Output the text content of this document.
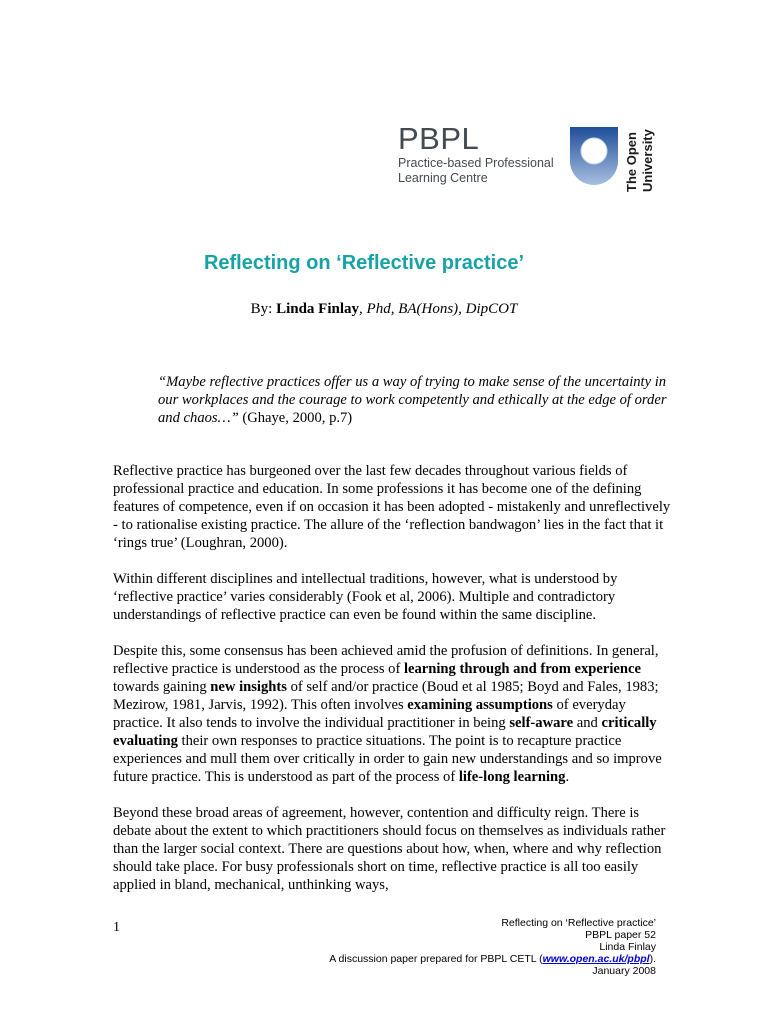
PBPL
Practice-based Professional
Learning Centre	The Open University
Reflecting on ‘Reflective practice’
By: Linda Finlay, Phd, BA(Hons), DipCOT
“Maybe reflective practices offer us a way of trying to make sense of the uncertainty in our workplaces and the courage to work competently and ethically at the edge of order and chaos…” (Ghaye, 2000, p.7)

Reflective practice has burgeoned over the last few decades throughout various fields of professional practice and education. In some professions it has become one of the defining features of competence, even if on occasion it has been adopted - mistakenly and unreflectively - to rationalise existing practice. The allure of the ‘reflection bandwagon’ lies in the fact that it ‘rings true’ (Loughran, 2000).

Within different disciplines and intellectual traditions, however, what is understood by ‘reflective practice’ varies considerably (Fook et al, 2006). Multiple and contradictory understandings of reflective practice can even be found within the same discipline.

Despite this, some consensus has been achieved amid the profusion of definitions. In general, reflective practice is understood as the process of learning through and from experience towards gaining new insights of self and/or practice (Boud et al 1985; Boyd and Fales, 1983; Mezirow, 1981, Jarvis, 1992). This often involves examining assumptions of everyday practice. It also tends to involve the individual practitioner in being self-aware and critically evaluating their own responses to practice situations. The point is to recapture practice experiences and mull them over critically in order to gain new understandings and so improve future practice. This is understood as part of the process of life-long learning.

Beyond these broad areas of agreement, however, contention and difficulty reign. There is debate about the extent to which practitioners should focus on themselves as individuals rather than the larger social context. There are questions about how, when, where and why reflection should take place. For busy professionals short on time, reflective practice is all too easily applied in bland, mechanical, unthinking ways,

1	Reflecting on ‘Reflective practice’
PBPL paper 52
Linda Finlay
A discussion paper prepared for PBPL CETL (www.open.ac.uk/pbpl).
January 2008
